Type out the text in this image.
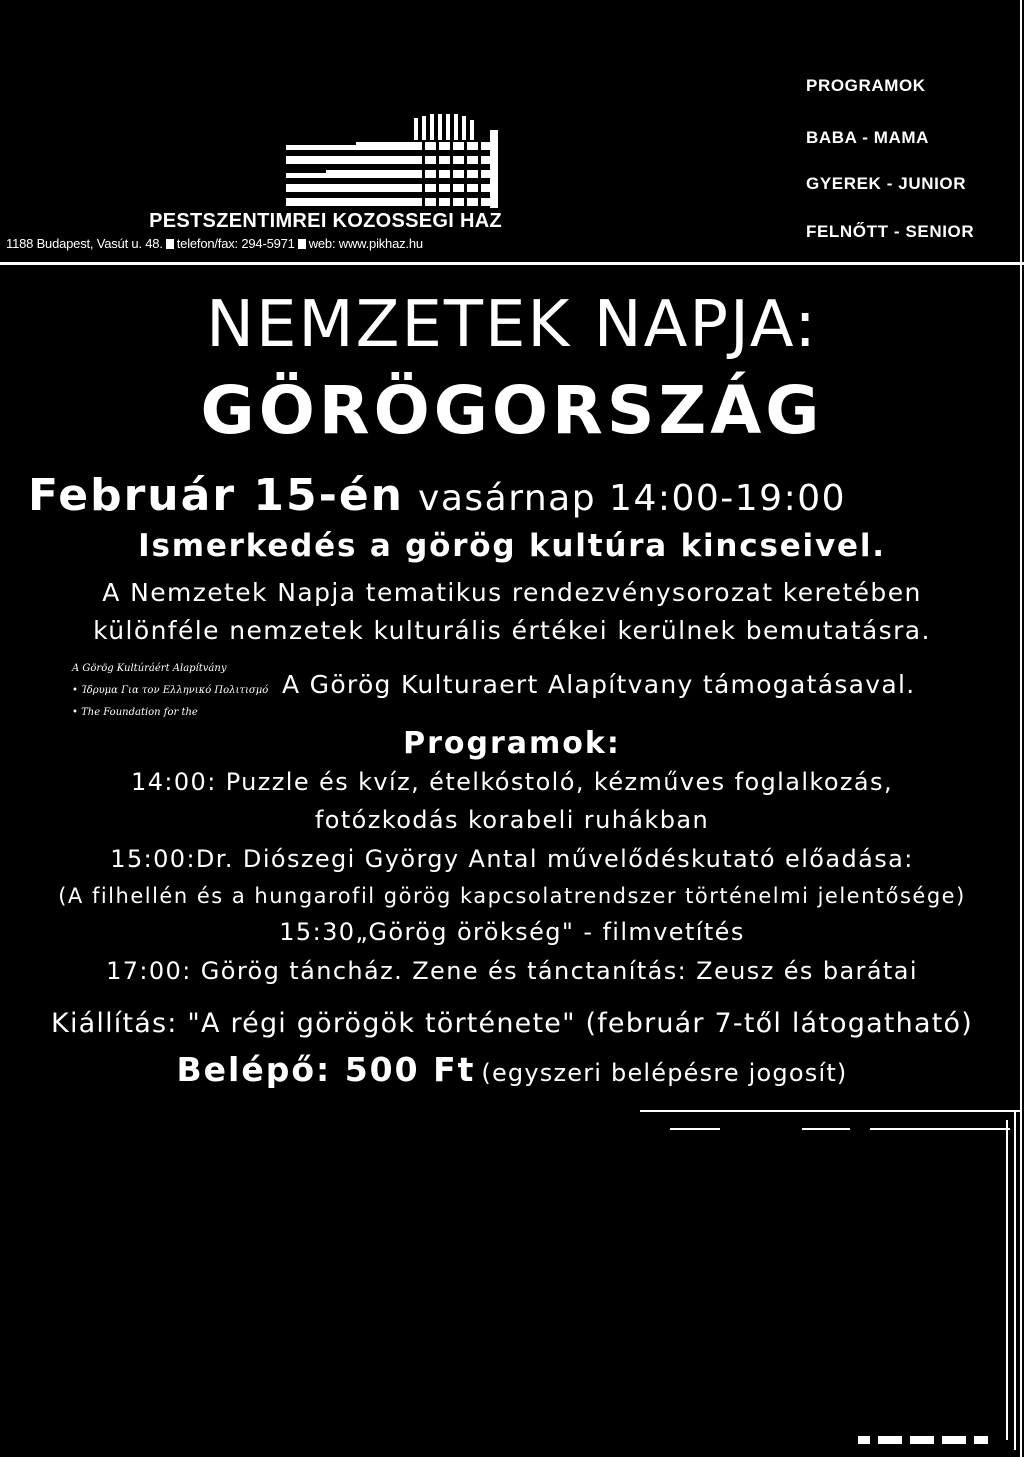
PESTSZENTIMREI KOZOSSEGI HAZ
1188 Budapest, Vasút u. 48. telefon/fax: 294-5971 web: www.pikhaz.hu
PROGRAMOK
BABA - MAMA
GYEREK - JUNIOR
FELNŐTT - SENIOR
NEMZETEK NAPJA:
GÖRÖGORSZÁG
Február 15-én vasárnap 14:00-19:00
Ismerkedés a görög kultúra kincseivel.
A Nemzetek Napja tematikus rendezvénysorozat keretében
különféle nemzetek kulturális értékei kerülnek bemutatásra.
A Görög Kultúráért Alapítvány
• Ίδρυμα Για τον Ελληνικό Πολιτισμό
• The Foundation for the
A Görög Kulturaert Alapítvany támogatásaval.
Programok:
14:00: Puzzle és kvíz, ételkóstoló, kézműves foglalkozás,
fotózkodás korabeli ruhákban
15:00:Dr. Diószegi György Antal művelődéskutató előadása:
(A filhellén és a hungarofil görög kapcsolatrendszer történelmi jelentősége)
15:30„Görög örökség" - filmvetítés
17:00: Görög táncház. Zene és tánctanítás: Zeusz és barátai
Kiállítás: "A régi görögök története" (február 7-től látogatható)
Belépő: 500 Ft (egyszeri belépésre jogosít)
